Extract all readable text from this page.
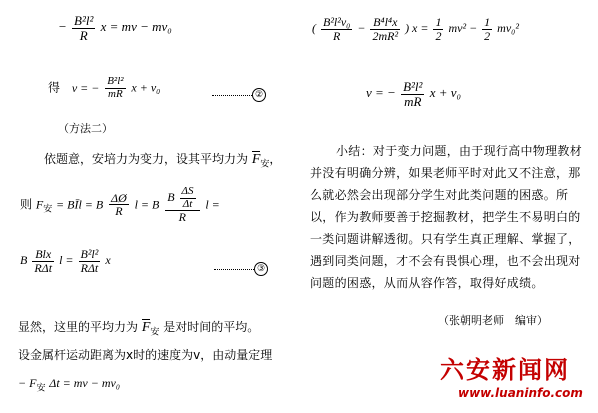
− $\frac{\text{B²l²}}{R}$ x = mv − mv₀
得 v = − $\frac{\text{B²l²}}{mR}$ x + v₀
②
（方法二）
依题意，安培力为变力，设其平均力为 $F_安$，
则 $F_安$ = BĪl = B $\frac{\Delta Ø}{R}$ l = B $\frac{B \frac{\Delta S}{\Delta t}}{R}$ l =
B $\frac{\text{Blx}}{\text{RΔt}}$ $l = \frac{\text{B²l²}}{\text{RΔt}}$ x
③
显然，这里的平均力为 $F_安$ 是对时间的平均。
设金属杆运动距离为x时的速度为v，由动量定理
− $F_安$ Δt = mv − mv₀
( $\frac{\text{B²l²v₀}}{R} - \frac{\text{B⁴l⁴x}}{\text{2mR²}}$ ) $x = \frac{1}{2} mv^2 - \frac{1}{2} mv_0^2$
v = − $\frac{\text{B²l²}}{mR}$ x + v₀
小结：对于变力问题，由于现行高中物理教材并没有明确分辨，如果老师平时对此又不注意，那么就必然会出现部分学生对此类问题的困惑。所以，作为教师要善于挖掘教材，把学生不易明白的一类问题讲解透彻。只有学生真正理解、掌握了，遇到同类问题，才不会有畏惧心理，也不会出现对问题的困惑，从而从容作答，取得好成绩。
（张朝明老师　编审）
六安新闻网
www.luaninfo.com
